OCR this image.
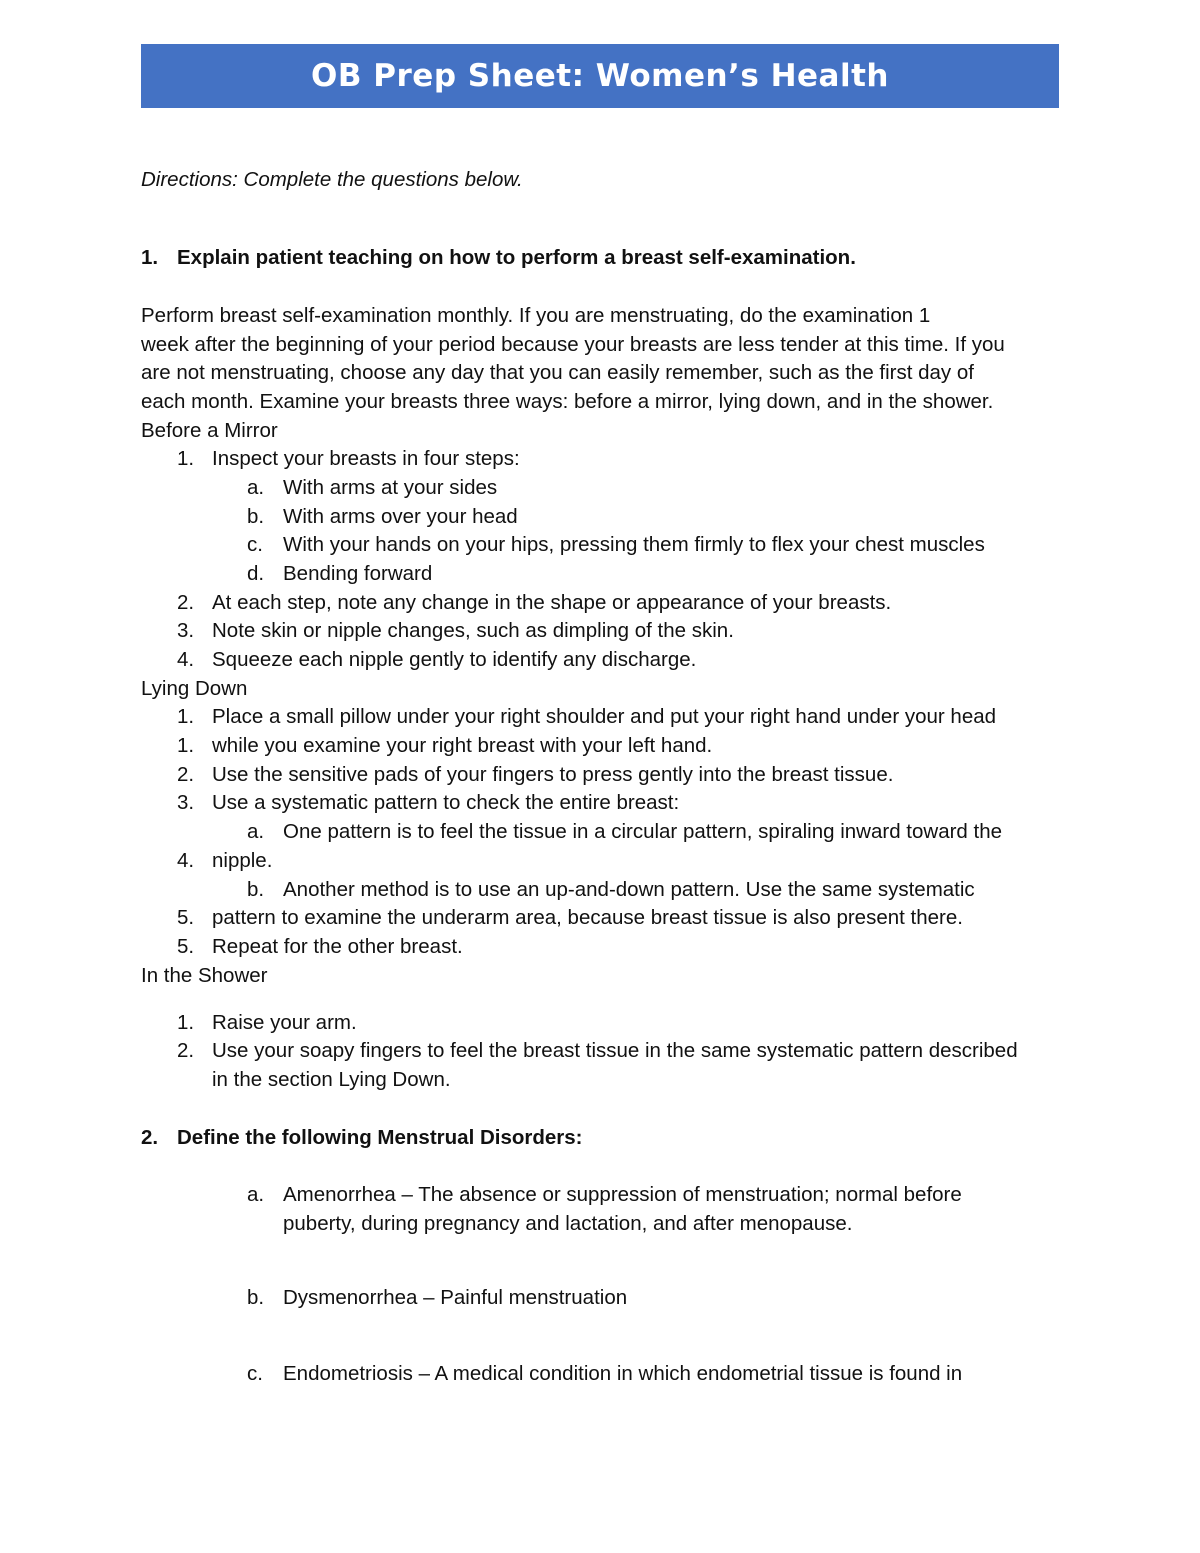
OB Prep Sheet: Women’s Health
Directions: Complete the questions below.
1. Explain patient teaching on how to perform a breast self-examination.
Perform breast self-examination monthly. If you are menstruating, do the examination 1
week after the beginning of your period because your breasts are less tender at this time. If you
are not menstruating, choose any day that you can easily remember, such as the first day of
each month. Examine your breasts three ways: before a mirror, lying down, and in the shower.
Before a Mirror
1. Inspect your breasts in four steps:
a. With arms at your sides
b. With arms over your head
c. With your hands on your hips, pressing them firmly to flex your chest muscles
d. Bending forward
2. At each step, note any change in the shape or appearance of your breasts.
3. Note skin or nipple changes, such as dimpling of the skin.
4. Squeeze each nipple gently to identify any discharge.
Lying Down
1. Place a small pillow under your right shoulder and put your right hand under your head
1. while you examine your right breast with your left hand.
2. Use the sensitive pads of your fingers to press gently into the breast tissue.
3. Use a systematic pattern to check the entire breast:
a. One pattern is to feel the tissue in a circular pattern, spiraling inward toward the
4. nipple.
b. Another method is to use an up-and-down pattern. Use the same systematic
5. pattern to examine the underarm area, because breast tissue is also present there.
5. Repeat for the other breast.
In the Shower
1. Raise your arm.
2. Use your soapy fingers to feel the breast tissue in the same systematic pattern described
in the section Lying Down.
2. Define the following Menstrual Disorders:
a. Amenorrhea – The absence or suppression of menstruation; normal before
puberty, during pregnancy and lactation, and after menopause.
b. Dysmenorrhea – Painful menstruation
c. Endometriosis – A medical condition in which endometrial tissue is found in
